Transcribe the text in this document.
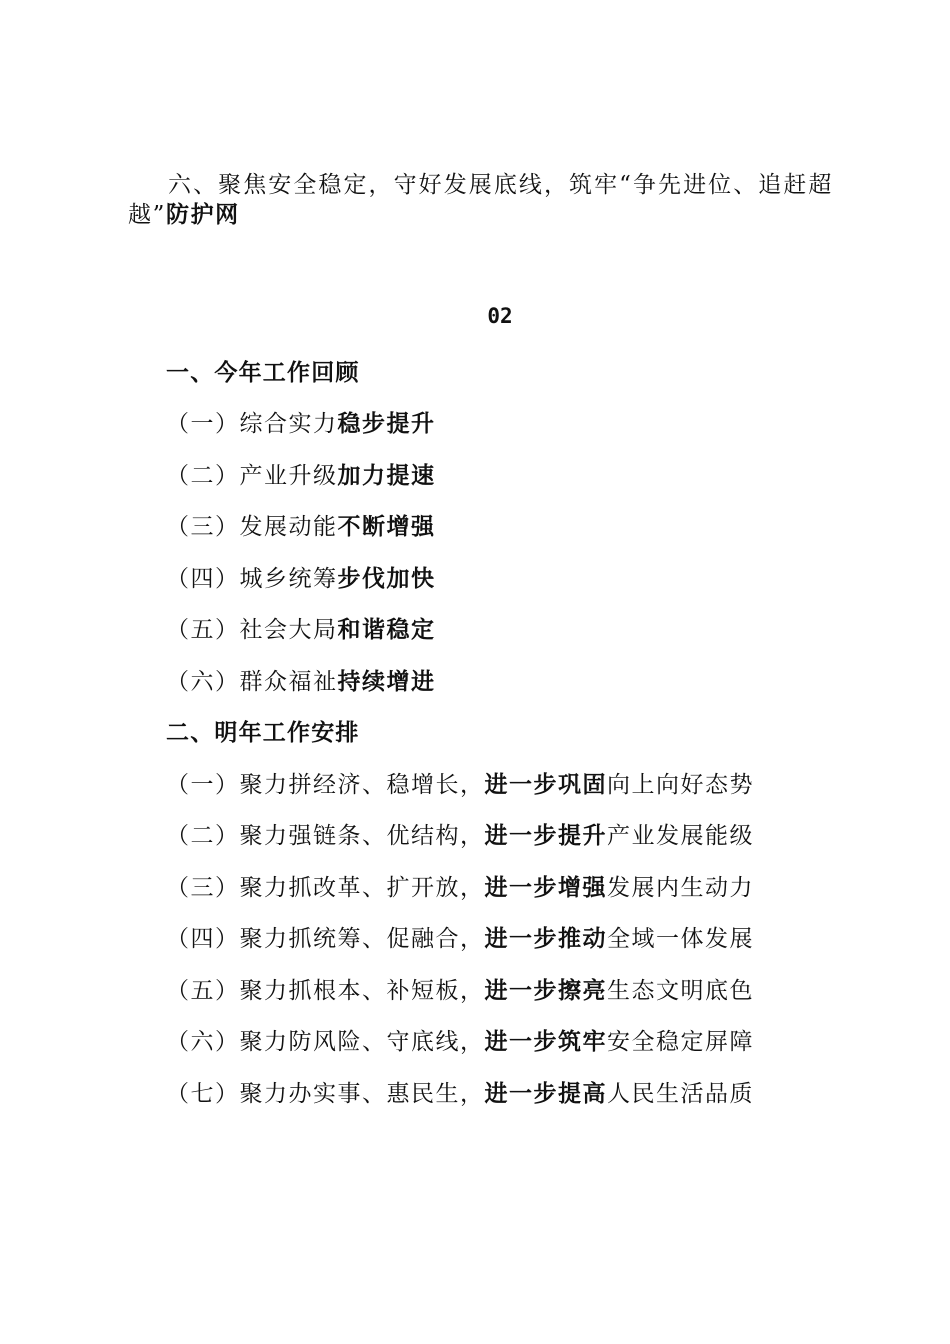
六、聚焦安全稳定，守好发展底线，筑牢“争先进位、追赶超越”防护网

02
一、今年工作回顾
（一）综合实力稳步提升
（二）产业升级加力提速
（三）发展动能不断增强
（四）城乡统筹步伐加快
（五）社会大局和谐稳定
（六）群众福祉持续增进
二、明年工作安排
（一）聚力拼经济、稳增长，进一步巩固向上向好态势
（二）聚力强链条、优结构，进一步提升产业发展能级
（三）聚力抓改革、扩开放，进一步增强发展内生动力
（四）聚力抓统筹、促融合，进一步推动全域一体发展
（五）聚力抓根本、补短板，进一步擦亮生态文明底色
（六）聚力防风险、守底线，进一步筑牢安全稳定屏障
（七）聚力办实事、惠民生，进一步提高人民生活品质
